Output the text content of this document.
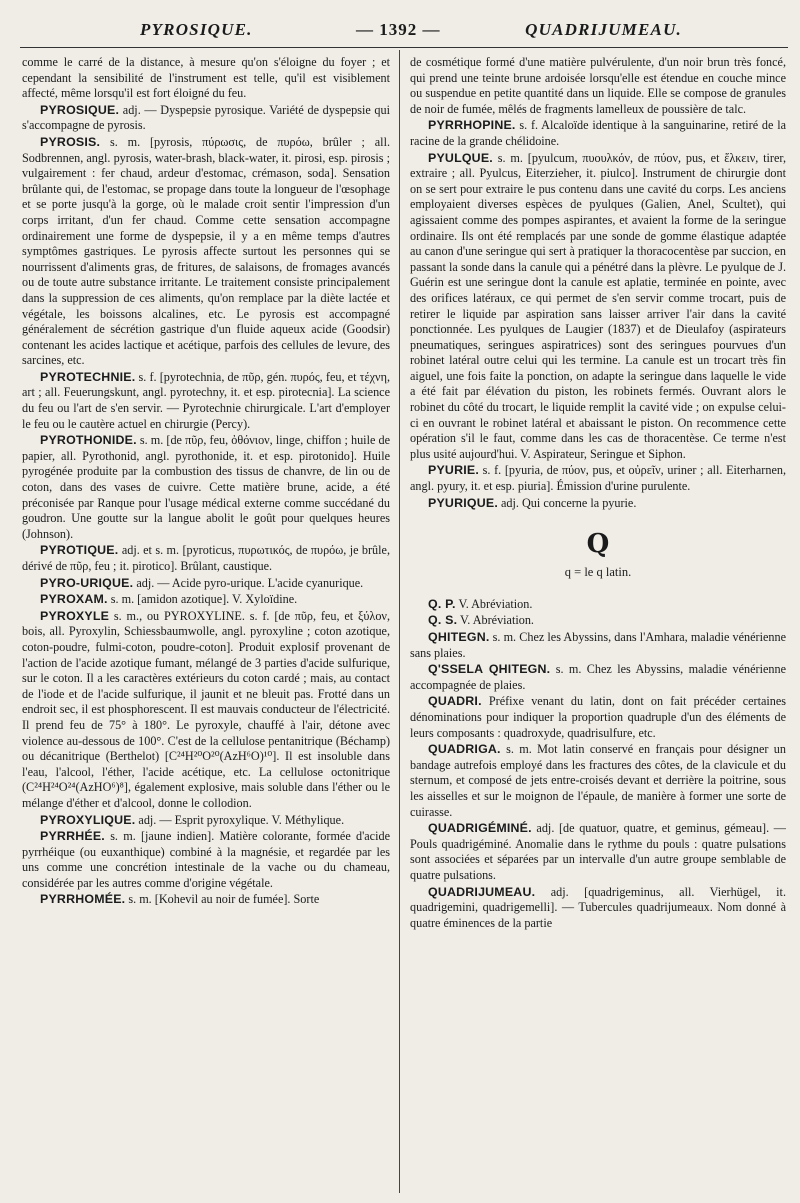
PYROSIQUE.	— 1392 —	QUADRIJUMEAU.

comme le carré de la distance, à mesure qu'on s'éloigne du foyer ; et cependant la sensibilité de l'instrument est telle, qu'il est visiblement affecté, même lorsqu'il est fort éloigné du feu.

PYROSIQUE. adj. — Dyspepsie pyrosique. Variété de dyspepsie qui s'accompagne de pyrosis.

PYROSIS. s. m. [pyrosis, πύρωσις, de πυρόω, brûler ; all. Sodbrennen, angl. pyrosis, water-brash, black-water, it. pirosi, esp. pirosis ; vulgairement : fer chaud, ardeur d'estomac, crémason, soda]. Sensation brûlante qui, de l'estomac, se propage dans toute la longueur de l'œsophage et se porte jusqu'à la gorge, où le malade croit sentir l'impression d'un corps irritant, d'un fer chaud. Comme cette sensation accompagne ordinairement une forme de dyspepsie, il y a en même temps d'autres symptômes gastriques. Le pyrosis affecte surtout les personnes qui se nourrissent d'aliments gras, de fritures, de salaisons, de fromages avancés ou de toute autre substance irritante. Le traitement consiste principalement dans la suppression de ces aliments, qu'on remplace par la diète lactée et végétale, les boissons alcalines, etc. Le pyrosis est accompagné généralement de sécrétion gastrique d'un fluide aqueux acide (Goodsir) contenant les acides lactique et acétique, parfois des cellules de levure, des sarcines, etc.

PYROTECHNIE. s. f. [pyrotechnia, de πῦρ, gén. πυρός, feu, et τέχνη, art ; all. Feuerungskunt, angl. pyrotechny, it. et esp. pirotecnia]. La science du feu ou l'art de s'en servir. — Pyrotechnie chirurgicale. L'art d'employer le feu ou le cautère actuel en chirurgie (Percy).

PYROTHONIDE. s. m. [de πῦρ, feu, ὀθόνιον, linge, chiffon ; huile de papier, all. Pyrothonid, angl. pyrothonide, it. et esp. pirotonido]. Huile pyrogénée produite par la combustion des tissus de chanvre, de lin ou de coton, dans des vases de cuivre. Cette matière brune, acide, a été préconisée par Ranque pour l'usage médical externe comme succédané du goudron. Une goutte sur la langue abolit le goût pour quelques heures (Johnson).

PYROTIQUE. adj. et s. m. [pyroticus, πυρωτικός, de πυρόω, je brûle, dérivé de πῦρ, feu ; it. pirotico]. Brûlant, caustique.

PYRO-URIQUE. adj. — Acide pyro-urique. L'acide cyanurique.

PYROXAM. s. m. [amidon azotique]. V. Xyloïdine.

PYROXYLE s. m., ou PYROXYLINE. s. f. [de πῦρ, feu, et ξύλον, bois, all. Pyroxylin, Schiessbaumwolle, angl. pyroxyline ; coton azotique, coton-poudre, fulmi-coton, poudre-coton]. Produit explosif provenant de l'action de l'acide azotique fumant, mélangé de 3 parties d'acide sulfurique, sur le coton. Il a les caractères extérieurs du coton cardé ; mais, au contact de l'iode et de l'acide sulfurique, il jaunit et ne bleuit pas. Frotté dans un endroit sec, il est phosphorescent. Il est mauvais conducteur de l'électricité. Il prend feu de 75° à 180°. Le pyroxyle, chauffé à l'air, détone avec violence au-dessous de 100°. C'est de la cellulose pentanitrique (Béchamp) ou décanitrique (Berthelot) [C²⁴H²⁰O²⁰(AzH⁶O)¹⁰]. Il est insoluble dans l'eau, l'alcool, l'éther, l'acide acétique, etc. La cellulose octonitrique (C²⁴H²⁴O²⁴(AzHO⁶)⁸], également explosive, mais soluble dans l'éther ou le mélange d'éther et d'alcool, donne le collodion.

PYROXYLIQUE. adj. — Esprit pyroxylique. V. Méthylique.

PYRRHÉE. s. m. [jaune indien]. Matière colorante, formée d'acide pyrrhéique (ou euxanthique) combiné à la magnésie, et regardée par les uns comme une concrétion intestinale de la vache ou du chameau, considérée par les autres comme d'origine végétale.

PYRRHOMÉE. s. m. [Kohevil au noir de fumée]. Sorte

de cosmétique formé d'une matière pulvérulente, d'un noir brun très foncé, qui prend une teinte brune ardoisée lorsqu'elle est étendue en couche mince ou suspendue en petite quantité dans un liquide. Elle se compose de granules de noir de fumée, mêlés de fragments lamelleux de poussière de talc.

PYRRHOPINE. s. f. Alcaloïde identique à la sanguinarine, retiré de la racine de la grande chélidoine.

PYULQUE. s. m. [pyulcum, πυουλκόν, de πύον, pus, et ἕλκειν, tirer, extraire ; all. Pyulcus, Eiterzieher, it. piulco]. Instrument de chirurgie dont on se sert pour extraire le pus contenu dans une cavité du corps. Les anciens employaient diverses espèces de pyulques (Galien, Anel, Scultet), qui agissaient comme des pompes aspirantes, et avaient la forme de la seringue ordinaire. Ils ont été remplacés par une sonde de gomme élastique adaptée au canon d'une seringue qui sert à pratiquer la thoracocentèse par succion, en passant la sonde dans la canule qui a pénétré dans la plèvre. Le pyulque de J. Guérin est une seringue dont la canule est aplatie, terminée en pointe, avec des orifices latéraux, ce qui permet de s'en servir comme trocart, puis de retirer le liquide par aspiration sans laisser arriver l'air dans la cavité ponctionnée. Les pyulques de Laugier (1837) et de Dieulafoy (aspirateurs pneumatiques, seringues aspiratrices) sont des seringues pourvues d'un robinet latéral outre celui qui les termine. La canule est un trocart très fin aiguel, une fois faite la ponction, on adapte la seringue dans laquelle le vide a été fait par élévation du piston, les robinets fermés. Ouvrant alors le robinet du côté du trocart, le liquide remplit la cavité vide ; on expulse celui-ci en ouvrant le robinet latéral et abaissant le piston. On recommence cette opération s'il le faut, comme dans les cas de thoracentèse. Ce terme n'est plus usité aujourd'hui. V. Aspirateur, Seringue et Siphon.

PYURIE. s. f. [pyuria, de πύον, pus, et οὐρεῖν, uriner ; all. Eiterharnen, angl. pyury, it. et esp. piuria]. Émission d'urine purulente.

PYURIQUE. adj. Qui concerne la pyurie.

Q

q = le q latin.

Q. P. V. Abréviation.

Q. S. V. Abréviation.

QHITEGN. s. m. Chez les Abyssins, dans l'Amhara, maladie vénérienne sans plaies.

Q'SSELA QHITEGN. s. m. Chez les Abyssins, maladie vénérienne accompagnée de plaies.

QUADRI. Préfixe venant du latin, dont on fait précéder certaines dénominations pour indiquer la proportion quadruple d'un des éléments de leurs composants : quadroxyde, quadrisulfure, etc.

QUADRIGA. s. m. Mot latin conservé en français pour désigner un bandage autrefois employé dans les fractures des côtes, de la clavicule et du sternum, et composé de jets entre-croisés devant et derrière la poitrine, sous les aisselles et sur le moignon de l'épaule, de manière à former une sorte de cuirasse.

QUADRIGÉMINÉ. adj. [de quatuor, quatre, et geminus, gémeau]. — Pouls quadrigéminé. Anomalie dans le rythme du pouls : quatre pulsations sont associées et séparées par un intervalle d'un autre groupe semblable de quatre pulsations.

QUADRIJUMEAU. adj. [quadrigeminus, all. Vierhügel, it. quadrigemini, quadrigemelli]. — Tubercules quadrijumeaux. Nom donné à quatre éminences de la partie
